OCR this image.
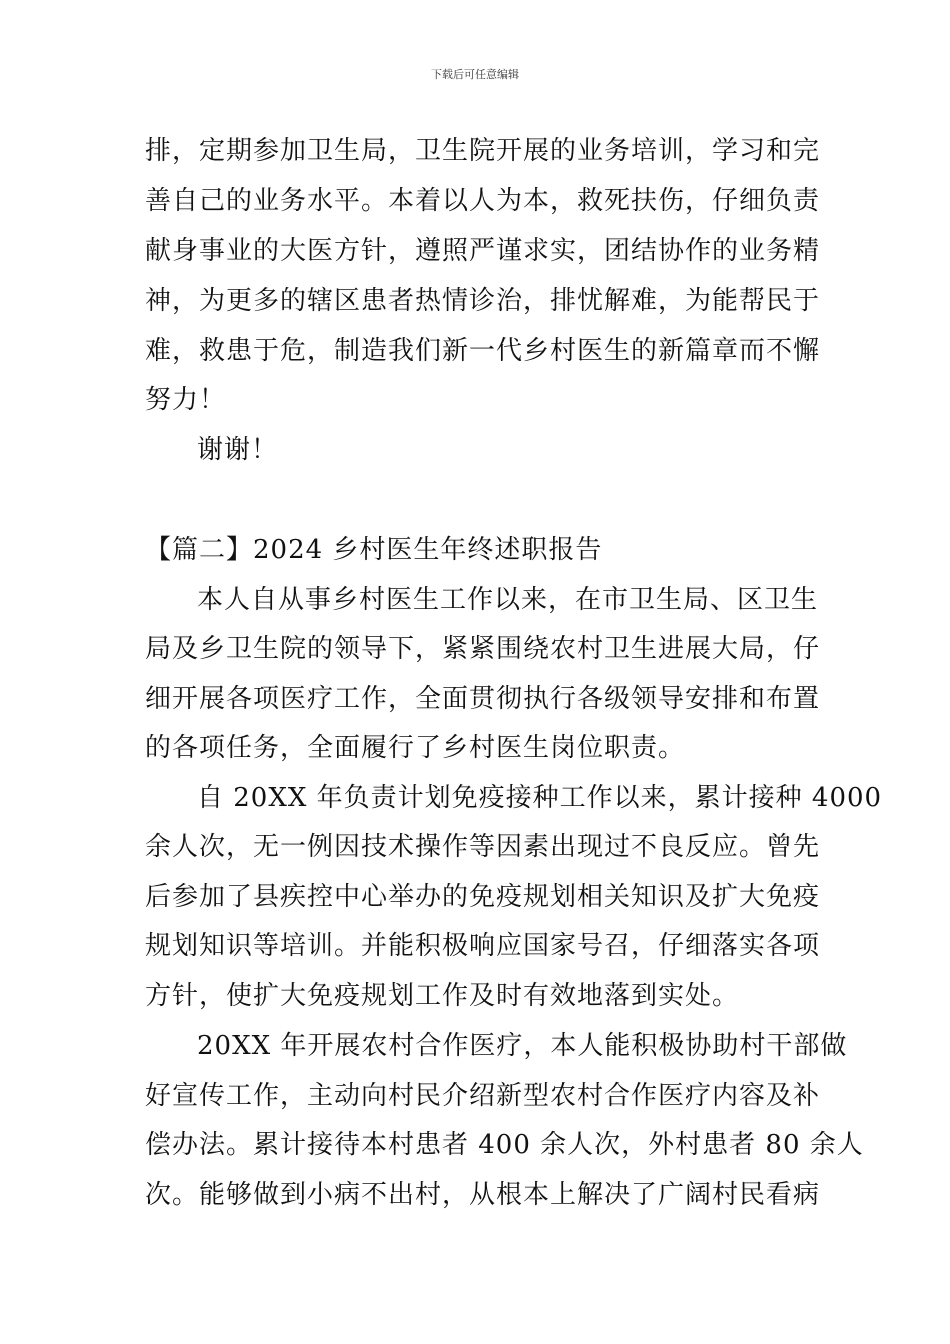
下载后可任意编辑
排，定期参加卫生局，卫生院开展的业务培训，学习和完
善自己的业务水平。本着以人为本，救死扶伤，仔细负责
献身事业的大医方针，遵照严谨求实，团结协作的业务精
神，为更多的辖区患者热情诊治，排忧解难，为能帮民于
难，救患于危，制造我们新一代乡村医生的新篇章而不懈
努力！
谢谢！
【篇二】2024 乡村医生年终述职报告
本人自从事乡村医生工作以来，在市卫生局、区卫生
局及乡卫生院的领导下，紧紧围绕农村卫生进展大局，仔
细开展各项医疗工作，全面贯彻执行各级领导安排和布置
的各项任务，全面履行了乡村医生岗位职责。
自 20XX 年负责计划免疫接种工作以来，累计接种 4000
余人次，无一例因技术操作等因素出现过不良反应。曾先
后参加了县疾控中心举办的免疫规划相关知识及扩大免疫
规划知识等培训。并能积极响应国家号召，仔细落实各项
方针，使扩大免疫规划工作及时有效地落到实处。
20XX 年开展农村合作医疗，本人能积极协助村干部做
好宣传工作，主动向村民介绍新型农村合作医疗内容及补
偿办法。累计接待本村患者 400 余人次，外村患者 80 余人
次。能够做到小病不出村，从根本上解决了广阔村民看病
